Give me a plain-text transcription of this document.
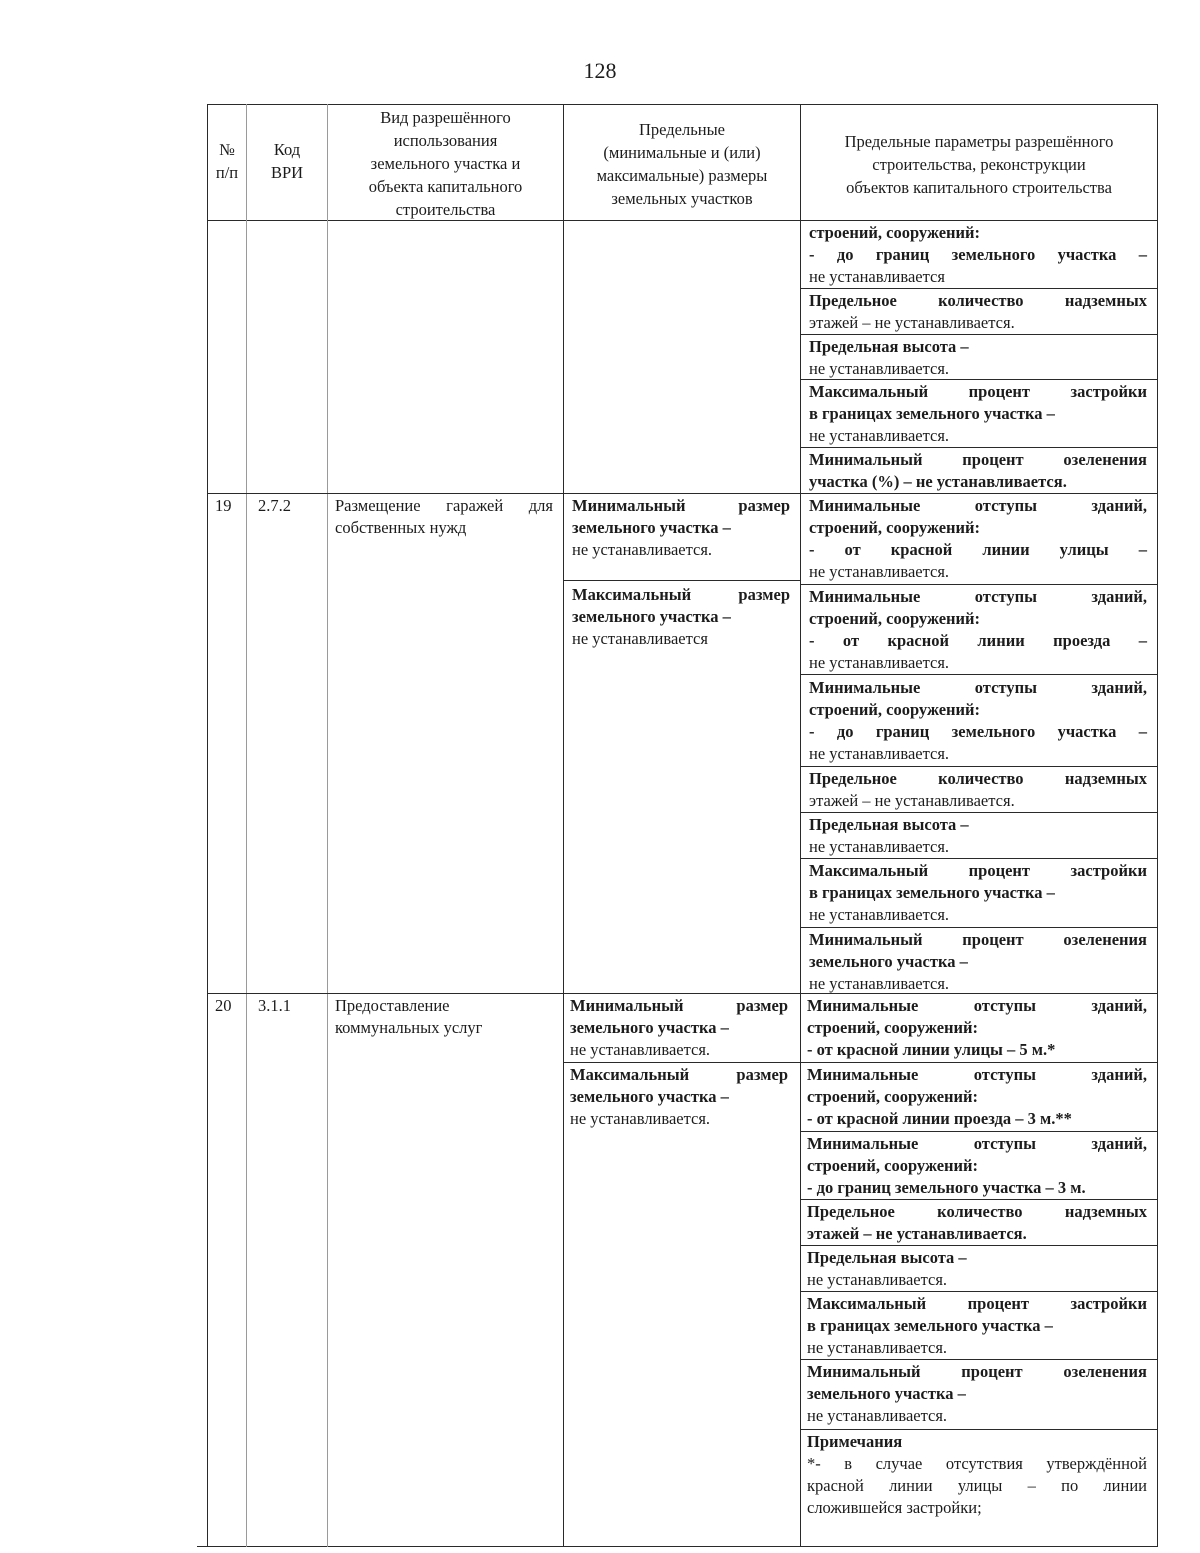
128
№
п/п
Код
ВРИ
Вид разрешённого
использования
земельного участка и
объекта капитального
строительства
Предельные
(минимальные и (или)
максимальные) размеры
земельных участков
Предельные параметры разрешённого
строительства, реконструкции
объектов капитального строительства
строений, сооружений:
- до границ земельного участка –
не устанавливается
Предельное количество надземных
этажей – не устанавливается.
Предельная высота –
не устанавливается.
Максимальный процент застройки
в границах земельного участка –
не устанавливается.
Минимальный процент озеленения
участка (%) – не устанавливается.
19 2.7.2	Размещение гаражей для
собственных нужд
Минимальный размер
земельного участка –
не устанавливается.
Максимальный размер
земельного участка –
не устанавливается
Минимальные отступы зданий,
строений, сооружений:
- от красной линии улицы –
не устанавливается.
Минимальные отступы зданий,
строений, сооружений:
- от красной линии проезда –
не устанавливается.
Минимальные отступы зданий,
строений, сооружений:
- до границ земельного участка –
не устанавливается.
Предельное количество надземных
этажей – не устанавливается.
Предельная высота –
не устанавливается.
Максимальный процент застройки
в границах земельного участка –
не устанавливается.
Минимальный процент озеленения
земельного участка –
не устанавливается.
20 3.1.1	Предоставление
коммунальных услуг
Минимальный размер
земельного участка –
не устанавливается.
Максимальный размер
земельного участка –
не устанавливается.
Минимальные отступы зданий,
строений, сооружений:
- от красной линии улицы – 5 м.*
Минимальные отступы зданий,
строений, сооружений:
- от красной линии проезда – 3 м.**
Минимальные отступы зданий,
строений, сооружений:
- до границ земельного участка – 3 м.
Предельное количество надземных
этажей – не устанавливается.
Предельная высота –
не устанавливается.
Максимальный процент застройки
в границах земельного участка –
не устанавливается.
Минимальный процент озеленения
земельного участка –
не устанавливается.
Примечания
*- в случае отсутствия утверждённой
красной линии улицы – по линии
сложившейся застройки;
